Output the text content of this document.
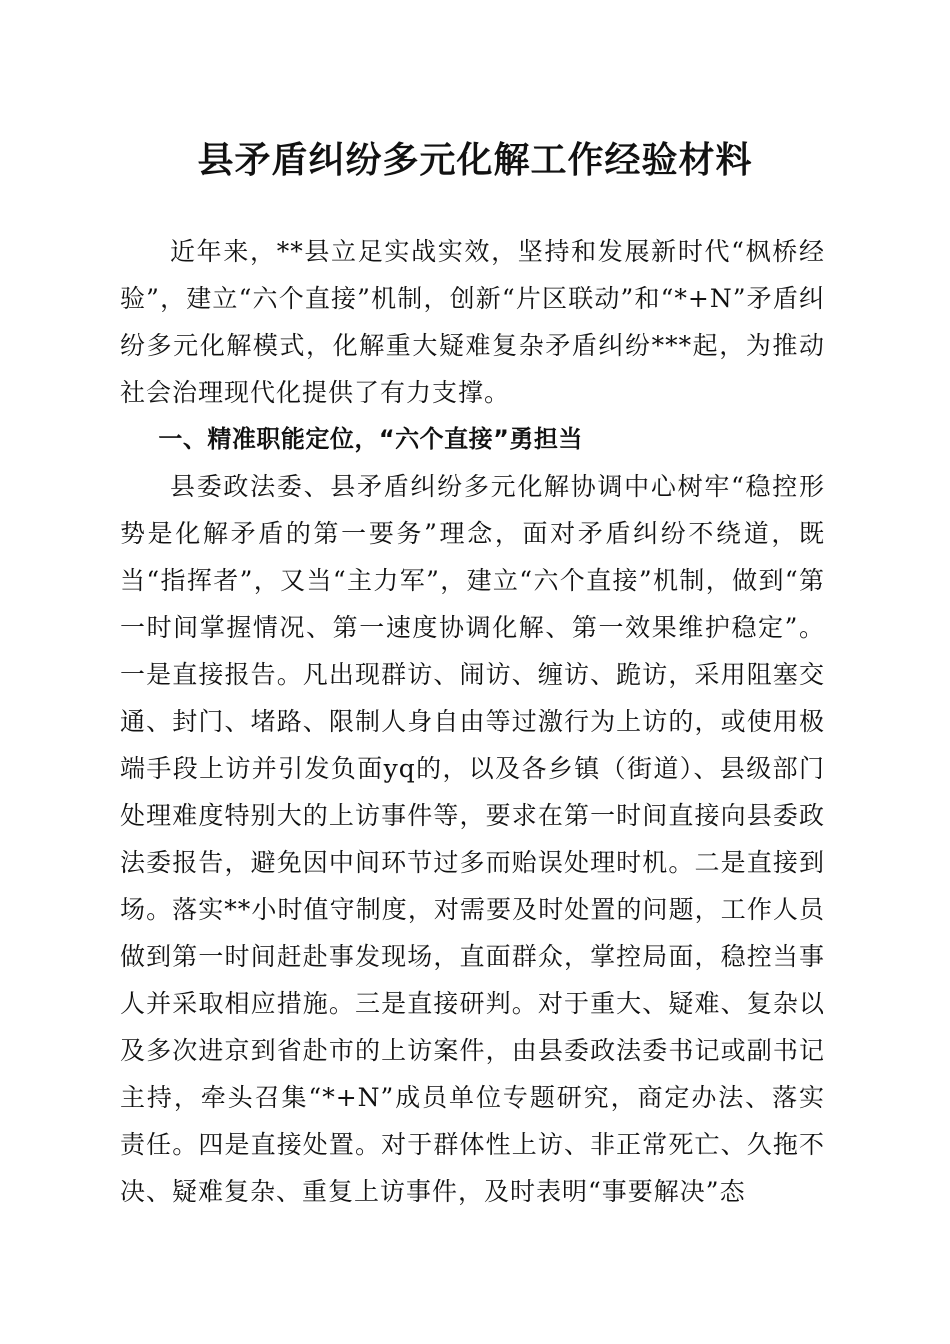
县矛盾纠纷多元化解工作经验材料

近年来，**县立足实战实效，坚持和发展新时代“枫桥经验”，建立“六个直接”机制，创新“片区联动”和“*+N”矛盾纠纷多元化解模式，化解重大疑难复杂矛盾纠纷***起，为推动社会治理现代化提供了有力支撑。

一、精准职能定位，“六个直接”勇担当

县委政法委、县矛盾纠纷多元化解协调中心树牢“稳控形势是化解矛盾的第一要务”理念，面对矛盾纠纷不绕道，既当“指挥者”，又当“主力军”，建立“六个直接”机制，做到“第一时间掌握情况、第一速度协调化解、第一效果维护稳定”。一是直接报告。凡出现群访、闹访、缠访、跪访，采用阻塞交通、封门、堵路、限制人身自由等过激行为上访的，或使用极端手段上访并引发负面yq的，以及各乡镇（街道）、县级部门处理难度特别大的上访事件等，要求在第一时间直接向县委政法委报告，避免因中间环节过多而贻误处理时机。二是直接到场。落实**小时值守制度，对需要及时处置的问题，工作人员做到第一时间赶赴事发现场，直面群众，掌控局面，稳控当事人并采取相应措施。三是直接研判。对于重大、疑难、复杂以及多次进京到省赴市的上访案件，由县委政法委书记或副书记主持，牵头召集“*+N”成员单位专题研究，商定办法、落实责任。四是直接处置。对于群体性上访、非正常死亡、久拖不决、疑难复杂、重复上访事件，及时表明“事要解决”态
